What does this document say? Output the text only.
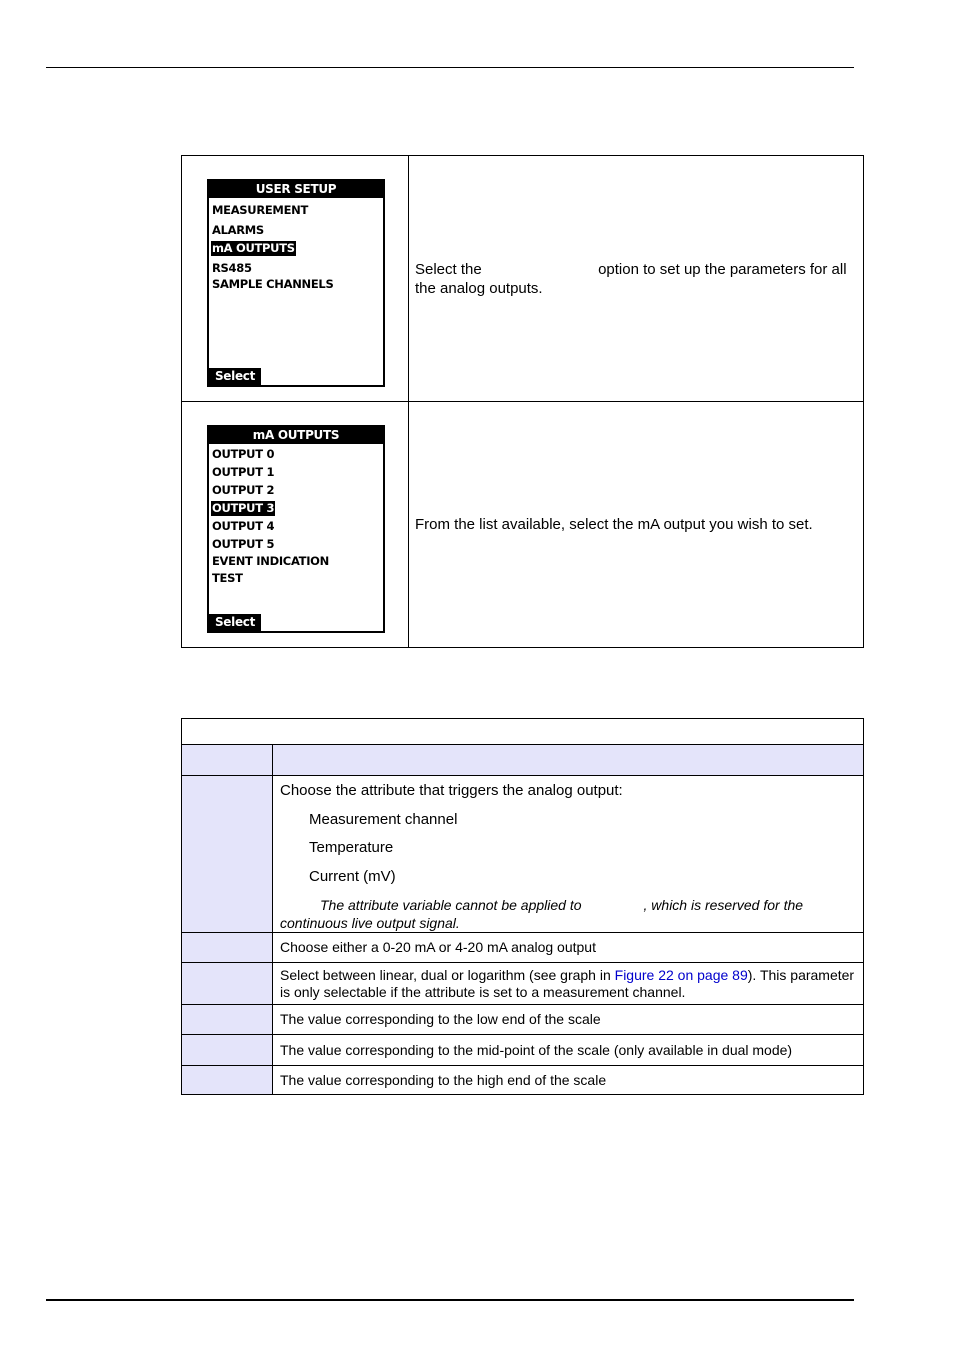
USER SETUP
MEASUREMENT
ALARMS
mA OUTPUTS
RS485
SAMPLE CHANNELS
Select
Select the	option to set up the parameters for all the analog outputs.
mA OUTPUTS
OUTPUT 0
OUTPUT 1
OUTPUT 2
OUTPUT 3
OUTPUT 4
OUTPUT 5
EVENT INDICATION
TEST
Select
From the list available, select the mA output you wish to set.
Choose the attribute that triggers the analog output:
Measurement channel
Temperature
Current (mV)
The attribute variable cannot be applied to	, which is reserved for the continuous live output signal.
Choose either a 0-20 mA or 4-20 mA analog output
Select between linear, dual or logarithm (see graph in Figure 22 on page 89). This parameter is only selectable if the attribute is set to a measurement channel.
The value corresponding to the low end of the scale
The value corresponding to the mid-point of the scale (only available in dual mode)
The value corresponding to the high end of the scale
